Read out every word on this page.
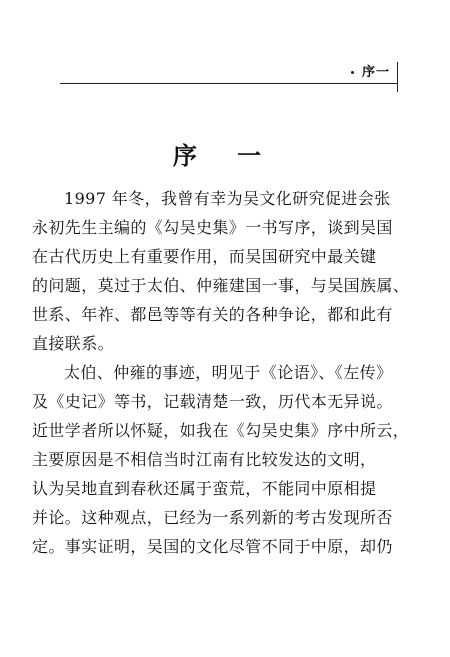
序一
序 一
1997 年冬，我曾有幸为吴文化研究促进会张
永初先生主编的《勾吴史集》一书写序，谈到吴国
在古代历史上有重要作用，而吴国研究中最关键
的问题，莫过于太伯、仲雍建国一事，与吴国族属、
世系、年祚、都邑等等有关的各种争论，都和此有
直接联系。
太伯、仲雍的事迹，明见于《论语》、《左传》
及《史记》等书，记载清楚一致，历代本无异说。
近世学者所以怀疑，如我在《勾吴史集》序中所云，
主要原因是不相信当时江南有比较发达的文明，
认为吴地直到春秋还属于蛮荒，不能同中原相提
并论。这种观点，已经为一系列新的考古发现所否
定。事实证明，吴国的文化尽管不同于中原，却仍
